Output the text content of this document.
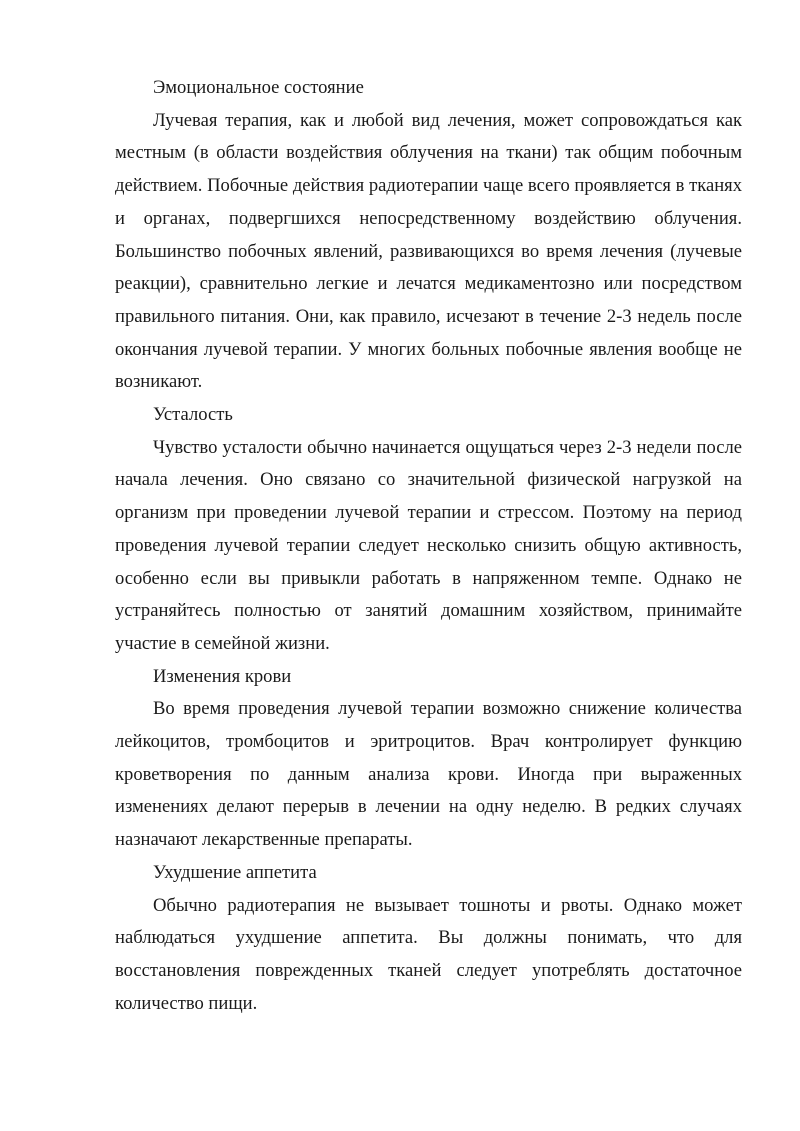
Эмоциональное состояние

Лучевая терапия, как и любой вид лечения, может сопровождаться как местным (в области воздействия облучения на ткани) так общим побочным действием. Побочные действия радиотерапии чаще всего проявляется в тканях и органах, подвергшихся непосредственному воздействию облучения. Большинство побочных явлений, развивающихся во время лечения (лучевые реакции), сравнительно легкие и лечатся медикаментозно или посредством правильного питания. Они, как правило, исчезают в течение 2-3 недель после окончания лучевой терапии. У многих больных побочные явления вообще не возникают.

Усталость

Чувство усталости обычно начинается ощущаться через 2-3 недели после начала лечения. Оно связано со значительной физической нагрузкой на организм при проведении лучевой терапии и стрессом. Поэтому на период проведения лучевой терапии следует несколько снизить общую активность, особенно если вы привыкли работать в напряженном темпе. Однако не устраняйтесь полностью от занятий домашним хозяйством, принимайте участие в семейной жизни.

Изменения крови

Во время проведения лучевой терапии возможно снижение количества лейкоцитов, тромбоцитов и эритроцитов. Врач контролирует функцию кроветворения по данным анализа крови. Иногда при выраженных изменениях делают перерыв в лечении на одну неделю. В редких случаях назначают лекарственные препараты.

Ухудшение аппетита

Обычно радиотерапия не вызывает тошноты и рвоты. Однако может наблюдаться ухудшение аппетита. Вы должны понимать, что для восстановления поврежденных тканей следует употреблять достаточное количество пищи.
